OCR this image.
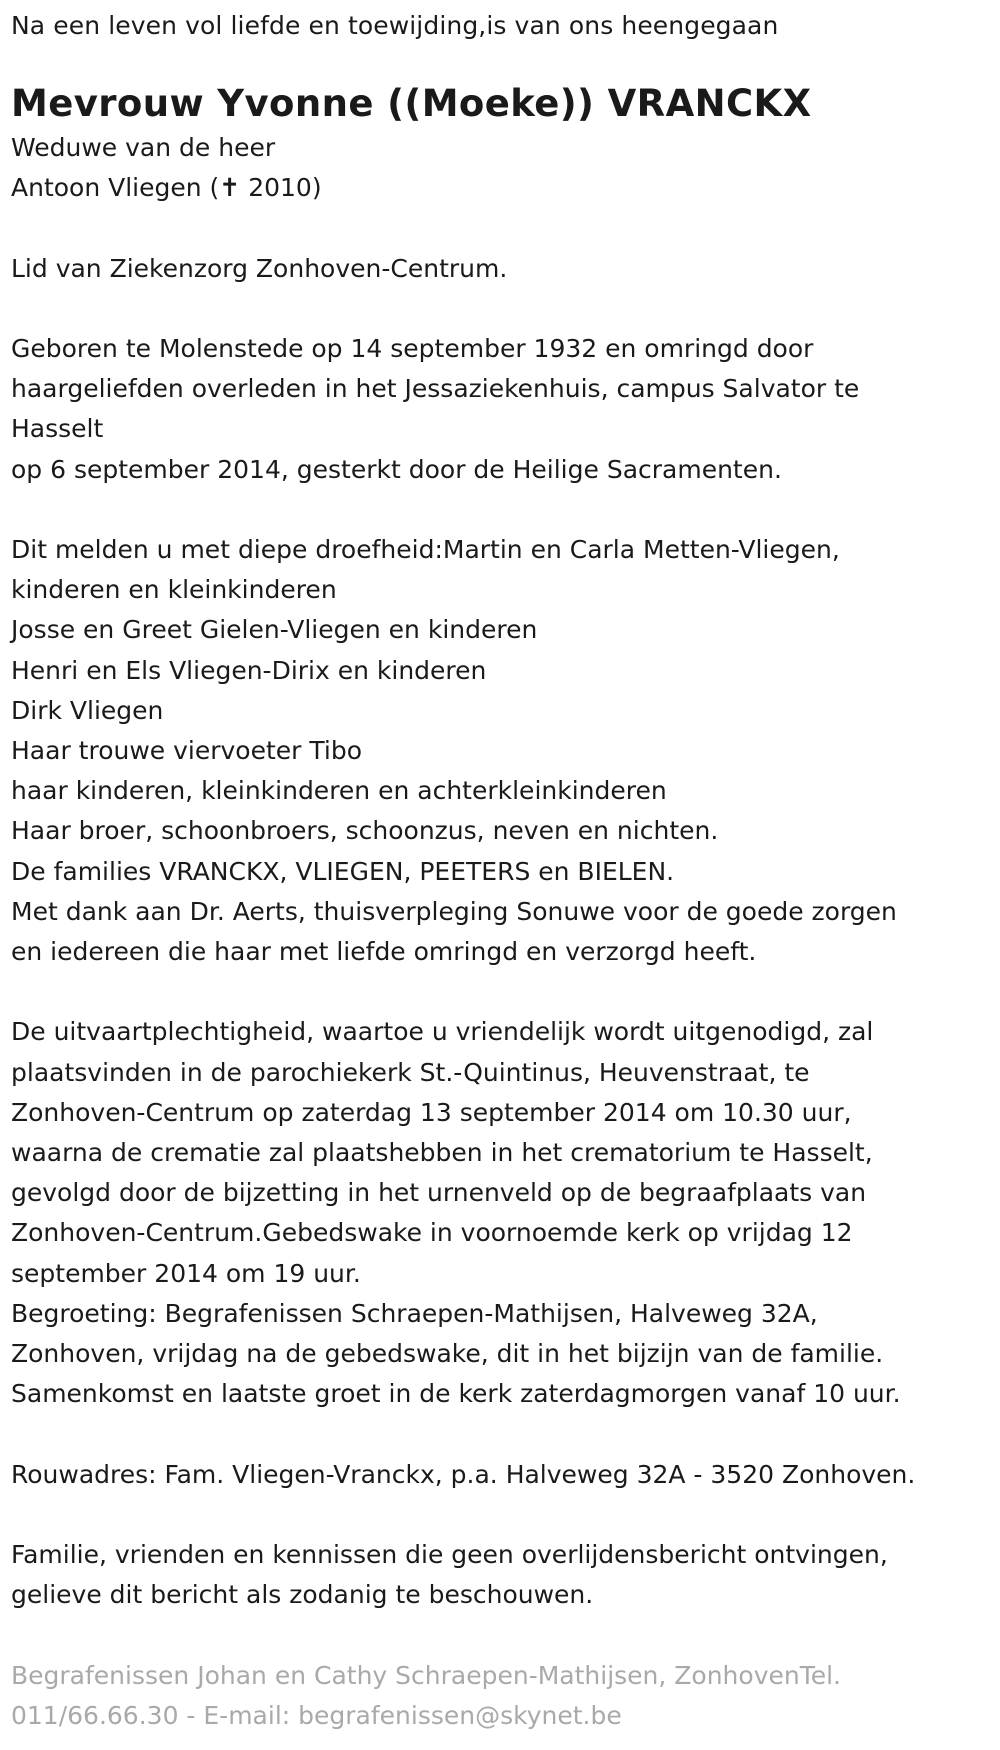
Na een leven vol liefde en toewijding,is van ons heengegaan

Mevrouw Yvonne ((Moeke)) VRANCKX

Weduwe van de heer

Antoon Vliegen (✝ 2010)

Lid van Ziekenzorg Zonhoven-Centrum.

Geboren te Molenstede op 14 september 1932 en omringd door

haargeliefden overleden in het Jessaziekenhuis, campus Salvator te

Hasselt

op 6 september 2014, gesterkt door de Heilige Sacramenten.

Dit melden u met diepe droefheid:Martin en Carla Metten-Vliegen,

kinderen en kleinkinderen

Josse en Greet Gielen-Vliegen en kinderen

Henri en Els Vliegen-Dirix en kinderen

Dirk Vliegen

Haar trouwe viervoeter Tibo

haar kinderen, kleinkinderen en achterkleinkinderen

Haar broer, schoonbroers, schoonzus, neven en nichten.

De families VRANCKX, VLIEGEN, PEETERS en BIELEN.

Met dank aan Dr. Aerts, thuisverpleging Sonuwe voor de goede zorgen

en iedereen die haar met liefde omringd en verzorgd heeft.

De uitvaartplechtigheid, waartoe u vriendelijk wordt uitgenodigd, zal

plaatsvinden in de parochiekerk St.-Quintinus, Heuvenstraat, te

Zonhoven-Centrum op zaterdag 13 september 2014 om 10.30 uur,

waarna de crematie zal plaatshebben in het crematorium te Hasselt,

gevolgd door de bijzetting in het urnenveld op de begraafplaats van

Zonhoven-Centrum.Gebedswake in voornoemde kerk op vrijdag 12

september 2014 om 19 uur.

Begroeting: Begrafenissen Schraepen-Mathijsen, Halveweg 32A,

Zonhoven, vrijdag na de gebedswake, dit in het bijzijn van de familie.

Samenkomst en laatste groet in de kerk zaterdagmorgen vanaf 10 uur.

Rouwadres: Fam. Vliegen-Vranckx, p.a. Halveweg 32A - 3520 Zonhoven.

Familie, vrienden en kennissen die geen overlijdensbericht ontvingen,

gelieve dit bericht als zodanig te beschouwen.

Begrafenissen Johan en Cathy Schraepen-Mathijsen, ZonhovenTel.

011/66.66.30 - E-mail: begrafenissen@skynet.be
